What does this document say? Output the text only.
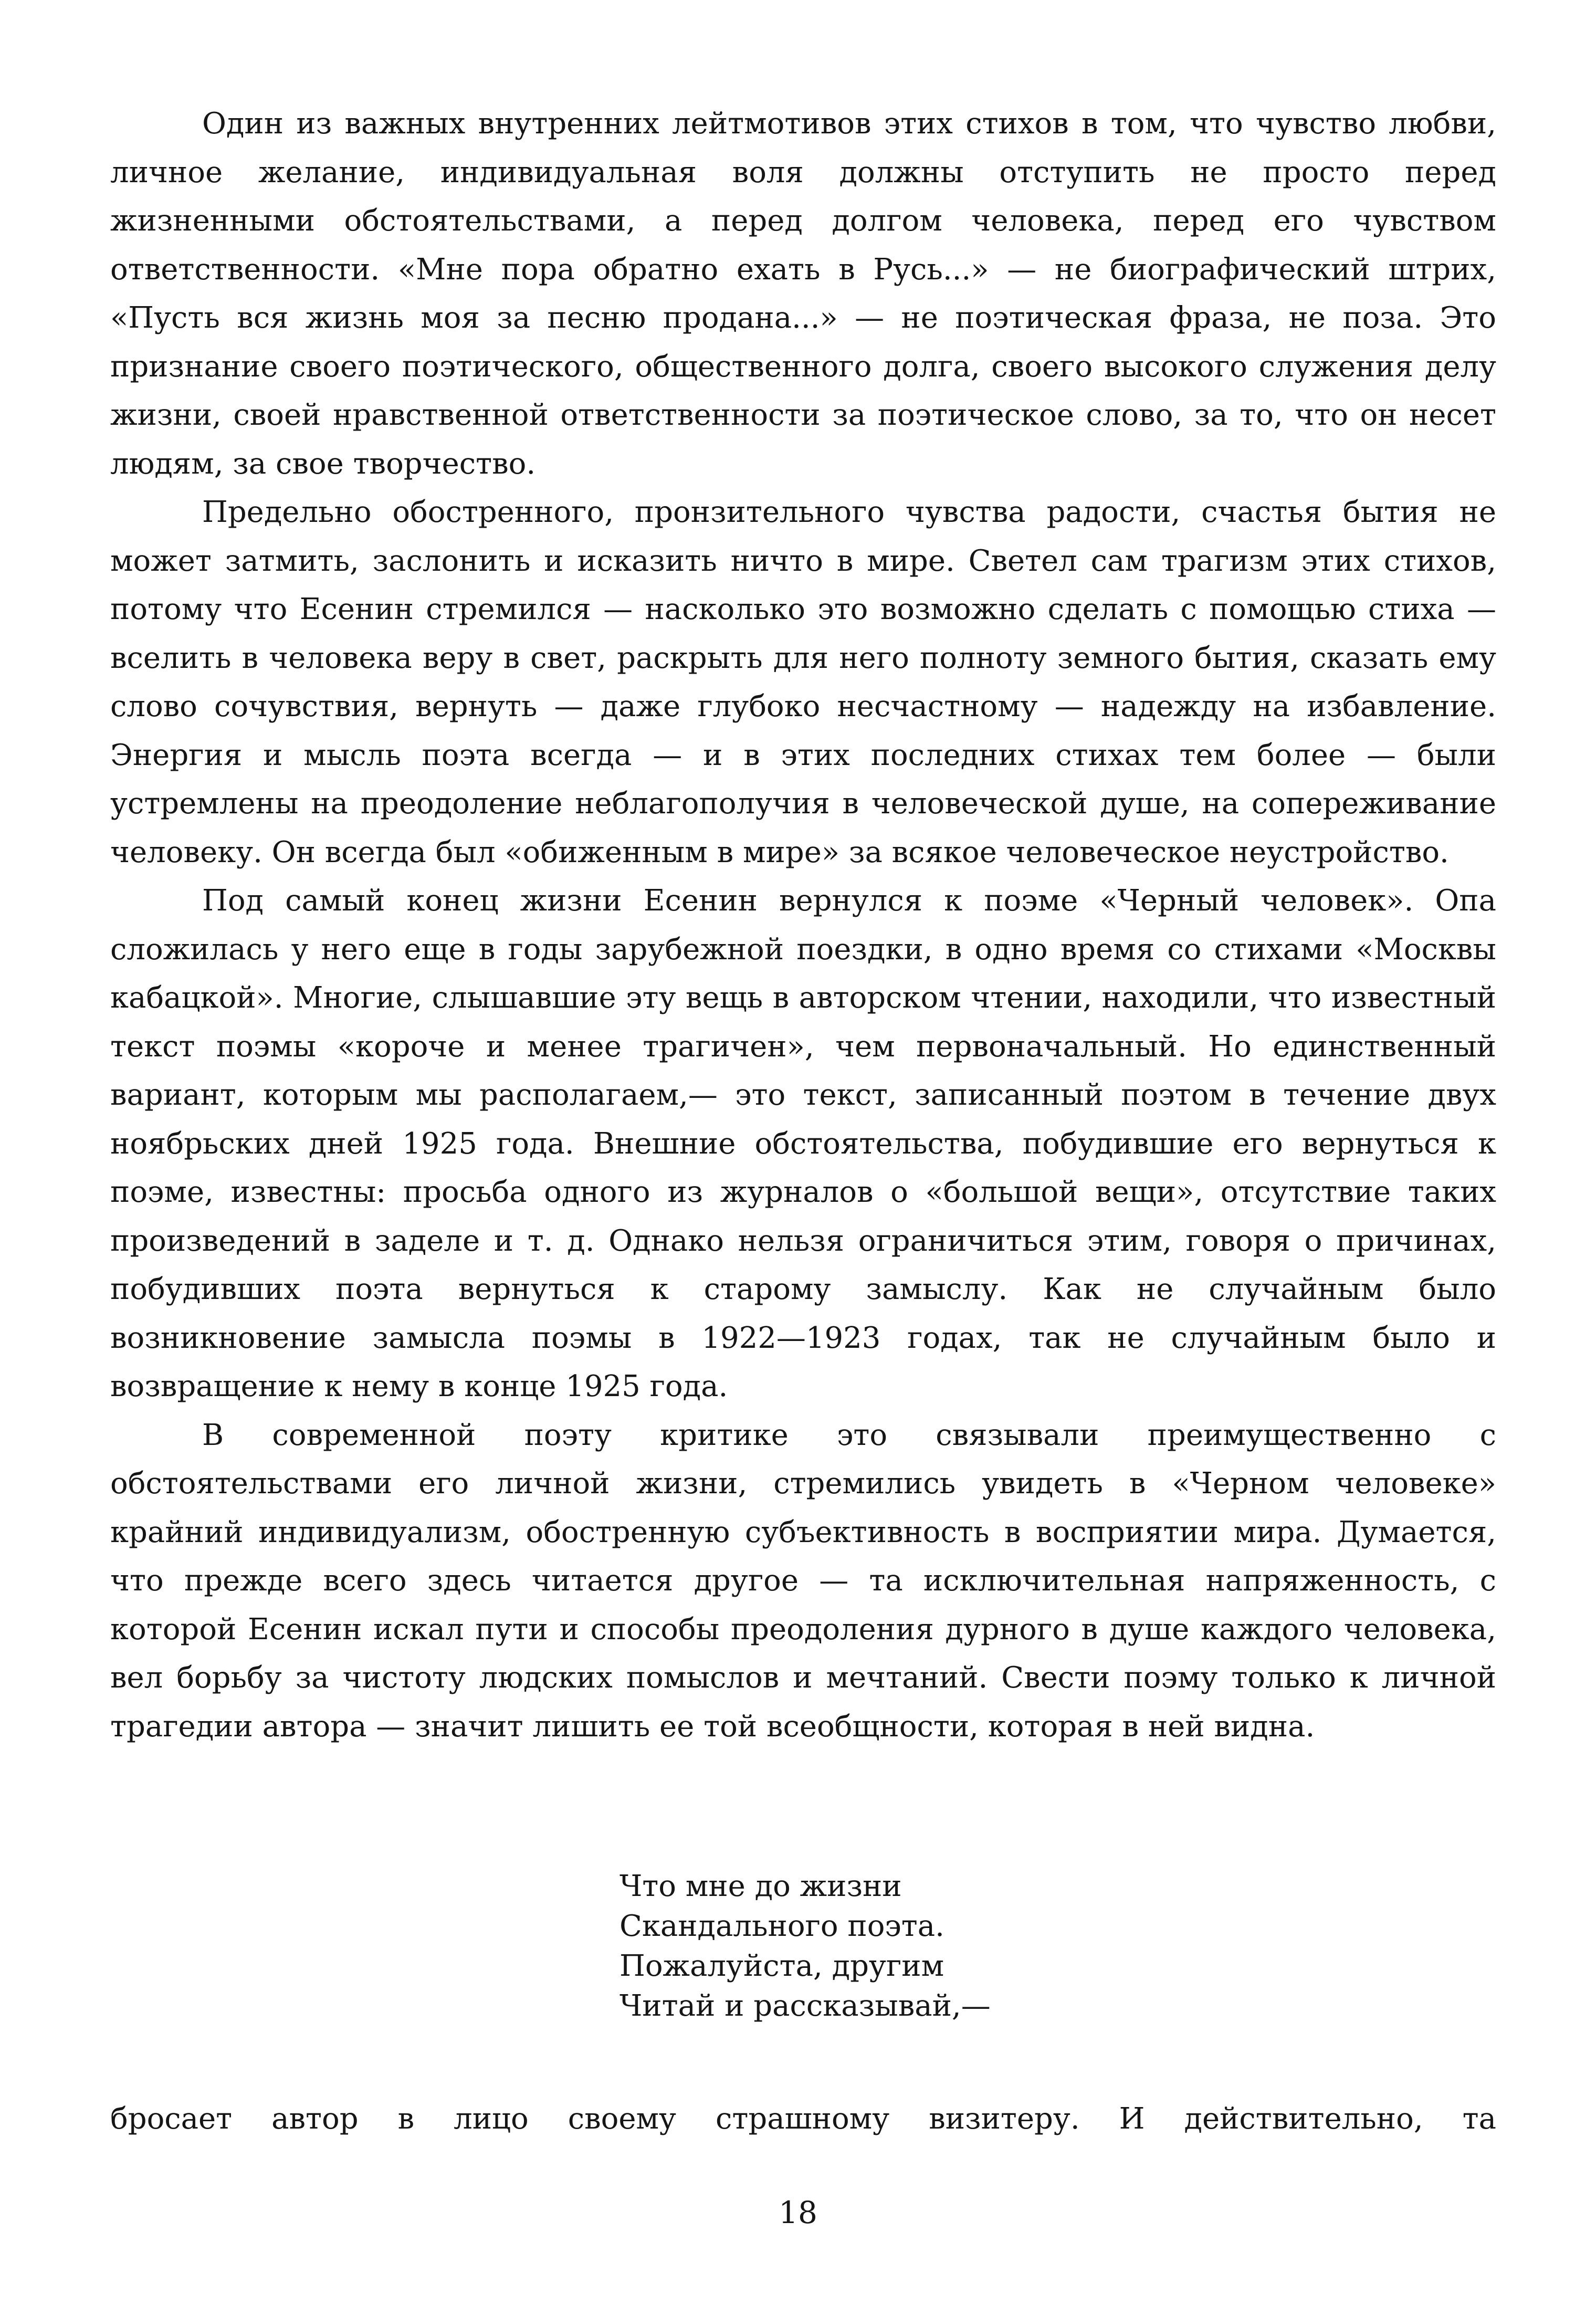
Один из важных внутренних лейтмотивов этих стихов в том, что чувство любви, личное желание, индивидуальная воля должны отступить не просто перед жизненными обстоятельствами, а перед долгом человека, перед его чувством ответственности. «Мне пора обратно ехать в Русь...» — не биографический штрих, «Пусть вся жизнь моя за песню продана...» — не поэтическая фраза, не поза. Это признание своего поэтического, общественного долга, своего высокого служения делу жизни, своей нравственной ответственности за поэтическое слово, за то, что он несет людям, за свое творчество.

Предельно обостренного, пронзительного чувства радости, счастья бытия не может затмить, заслонить и исказить ничто в мире. Светел сам трагизм этих стихов, потому что Есенин стремился — насколько это возможно сделать с помощью стиха — вселить в человека веру в свет, раскрыть для него полноту земного бытия, сказать ему слово сочувствия, вернуть — даже глубоко несчастному — надежду на избавление. Энергия и мысль поэта всегда — и в этих последних стихах тем более — были устремлены на преодоление неблагополучия в человеческой душе, на сопереживание человеку. Он всегда был «обиженным в мире» за всякое человеческое неустройство.

Под самый конец жизни Есенин вернулся к поэме «Черный человек». Опа сложилась у него еще в годы зарубежной поездки, в одно время со стихами «Москвы кабацкой». Многие, слышавшие эту вещь в авторском чтении, находили, что известный текст поэмы «короче и менее трагичен», чем первоначальный. Но единственный вариант, которым мы располагаем,— это текст, записанный поэтом в течение двух ноябрьских дней 1925 года. Внешние обстоятельства, побудившие его вернуться к поэме, известны: просьба одного из журналов о «большой вещи», отсутствие таких произведений в заделе и т. д. Однако нельзя ограничиться этим, говоря о причинах, побудивших поэта вернуться к старому замыслу. Как не случайным было возникновение замысла поэмы в 1922—1923 годах, так не случайным было и возвращение к нему в конце 1925 года.

В современной поэту критике это связывали преимущественно с обстоятельствами его личной жизни, стремились увидеть в «Черном человеке» крайний индивидуализм, обостренную субъективность в восприятии мира. Думается, что прежде всего здесь читается другое — та исключительная напряженность, с которой Есенин искал пути и способы преодоления дурного в душе каждого человека, вел борьбу за чистоту людских помыслов и мечтаний. Свести поэму только к личной трагедии автора — значит лишить ее той всеобщности, которая в ней видна.

Что мне до жизни
Скандального поэта.
Пожалуйста, другим
Читай и рассказывай,—
бросает автор в лицо своему страшному визитеру. И действительно, та
18
